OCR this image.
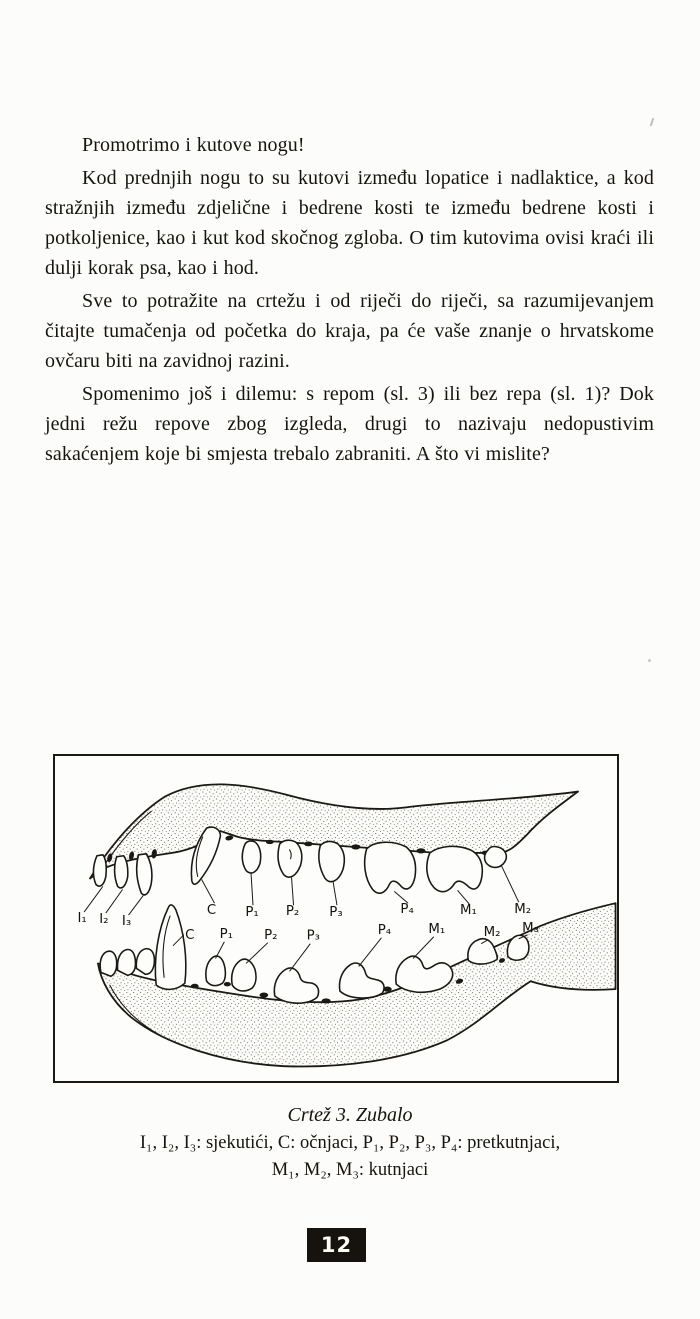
Promotrimo i kutove nogu!

Kod prednjih nogu to su kutovi između lopatice i nadlaktice, a kod stražnjih između zdjelične i bedrene kosti te između bedrene kosti i potkoljenice, kao i kut kod skočnog zgloba. O tim kutovima ovisi kraći ili dulji korak psa, kao i hod.

Sve to potražite na crtežu i od riječi do riječi, sa razumijevanjem čitajte tumačenja od početka do kraja, pa će vaše znanje o hrvatskome ovčaru biti na zavidnoj razini.

Spomenimo još i dilemu: s repom (sl. 3) ili bez repa (sl. 1)? Dok jedni režu repove zbog izgleda, drugi to nazivaju nedopustivim sakaćenjem koje bi smjesta trebalo zabraniti. A što vi mislite?

I₁ I₂ I₃
C P₁ P₂ P₃	P₄	M₁	M₂
C P₁ P₂ P₃	P₄	M₁	M₂ M₃
Crtež 3. Zubalo
I₁, I₂, I₃: sjekutići, C: očnjaci, P₁, P₂, P₃, P₄: pretkutnjaci,
M₁, M₂, M₃: kutnjaci
12
